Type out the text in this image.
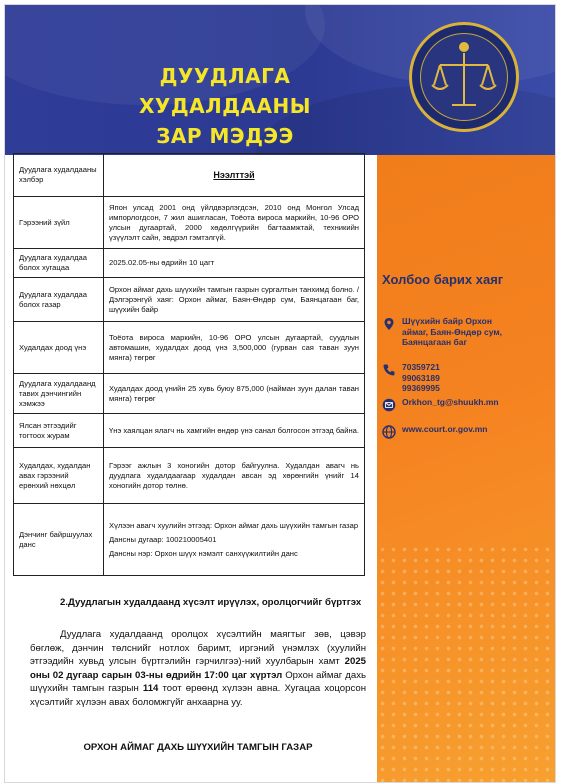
ДУУДЛАГА ХУДАЛДААНЫ
ЗАР МЭДЭЭ
Холбоо барих хаяг
Шүүхийн байр Орхон аймаг, Баян-Өндөр сум, Баянцагаан баг
70359721 99063189 99369995
Orkhon_tg@shuukh.mn
www.court.or.gov.mn
Дуудлага худалдааны хэлбэр	Нээлттэй
Гэрээний зүйл	Япон улсад 2001 онд үйлдвэрлэгдсэн, 2010 онд Монгол Улсад импорлогдсон, 7 жил ашигласан, Тоёота вироса маркийн, 10-96 ОРО улсын дугаартай, 2000 хөдөлгүүрийн багтаамжтай, техникийн үзүүлэлт сайн, эвдрэл гэмтэлгүй.
Дуудлага худалдаа болох хугацаа	2025.02.05-ны өдрийн 10 цагт
Дуудлага худалдаа болох газар	Орхон аймаг дахь шүүхийн тамгын газрын сургалтын танхимд болно. /Дэлгэрэнгүй хаяг: Орхон аймаг, Баян-Өндөр сум, Баянцагаан баг, шүүхийн байр
Худалдах доод үнэ	Тоёота вироса маркийн, 10-96 ОРО улсын дугаартай, суудлын автомашин, худалдах доод үнэ 3,500,000 (гурван сая таван зуун мянга) төгрөг
Дуудлага худалдаанд тавих дэнчингийн хэмжээ	Худалдах доод үнийн 25 хувь буюу 875,000 (найман зуун далан таван мянга) төгрөг
Ялсан этгээдийг тогтоох журам	Үнэ хаялцан ялагч нь хамгийн өндөр үнэ санал болгосон этгээд байна.
Худалдах, худалдан авах гэрээний ерөнхий нөхцөл	Гэрээг ажлын 3 хоногийн дотор байгуулна. Худалдан авагч нь дуудлага худалдаагаар худалдан авсан эд хөрөнгийн үнийг 14 хоногийн дотор төлнө.
Дэнчинг байршуулах данс	Хүлээн авагч хуулийн этгээд: Орхон аймаг дахь шүүхийн тамгын газар
Дансны дугаар: 100210005401
Дансны нэр: Орхон шүүх нэмэлт санхүүжилтийн данс
2.Дуудлагын худалдаанд хүсэлт ирүүлэх, оролцогчийг бүртгэх
Дуудлага худалдаанд оролцох хүсэлтийн маягтыг зөв, цэвэр бөглөж, дэнчин төлснийг нотлох баримт, иргэний үнэмлэх (хуулийн этгээдийн хувьд улсын бүртгэлийн гэрчилгээ)-ний хуулбарын хамт 2025 оны 02 дугаар сарын 03-ны өдрийн 17:00 цаг хүртэл Орхон аймаг дахь шүүхийн тамгын газрын 114 тоот өрөөнд хүлээн авна. Хугацаа хоцорсон хүсэлтийг хүлээн авах боломжгүйг анхаарна уу.
ОРХОН АЙМАГ ДАХЬ ШҮҮХИЙН ТАМГЫН ГАЗАР
